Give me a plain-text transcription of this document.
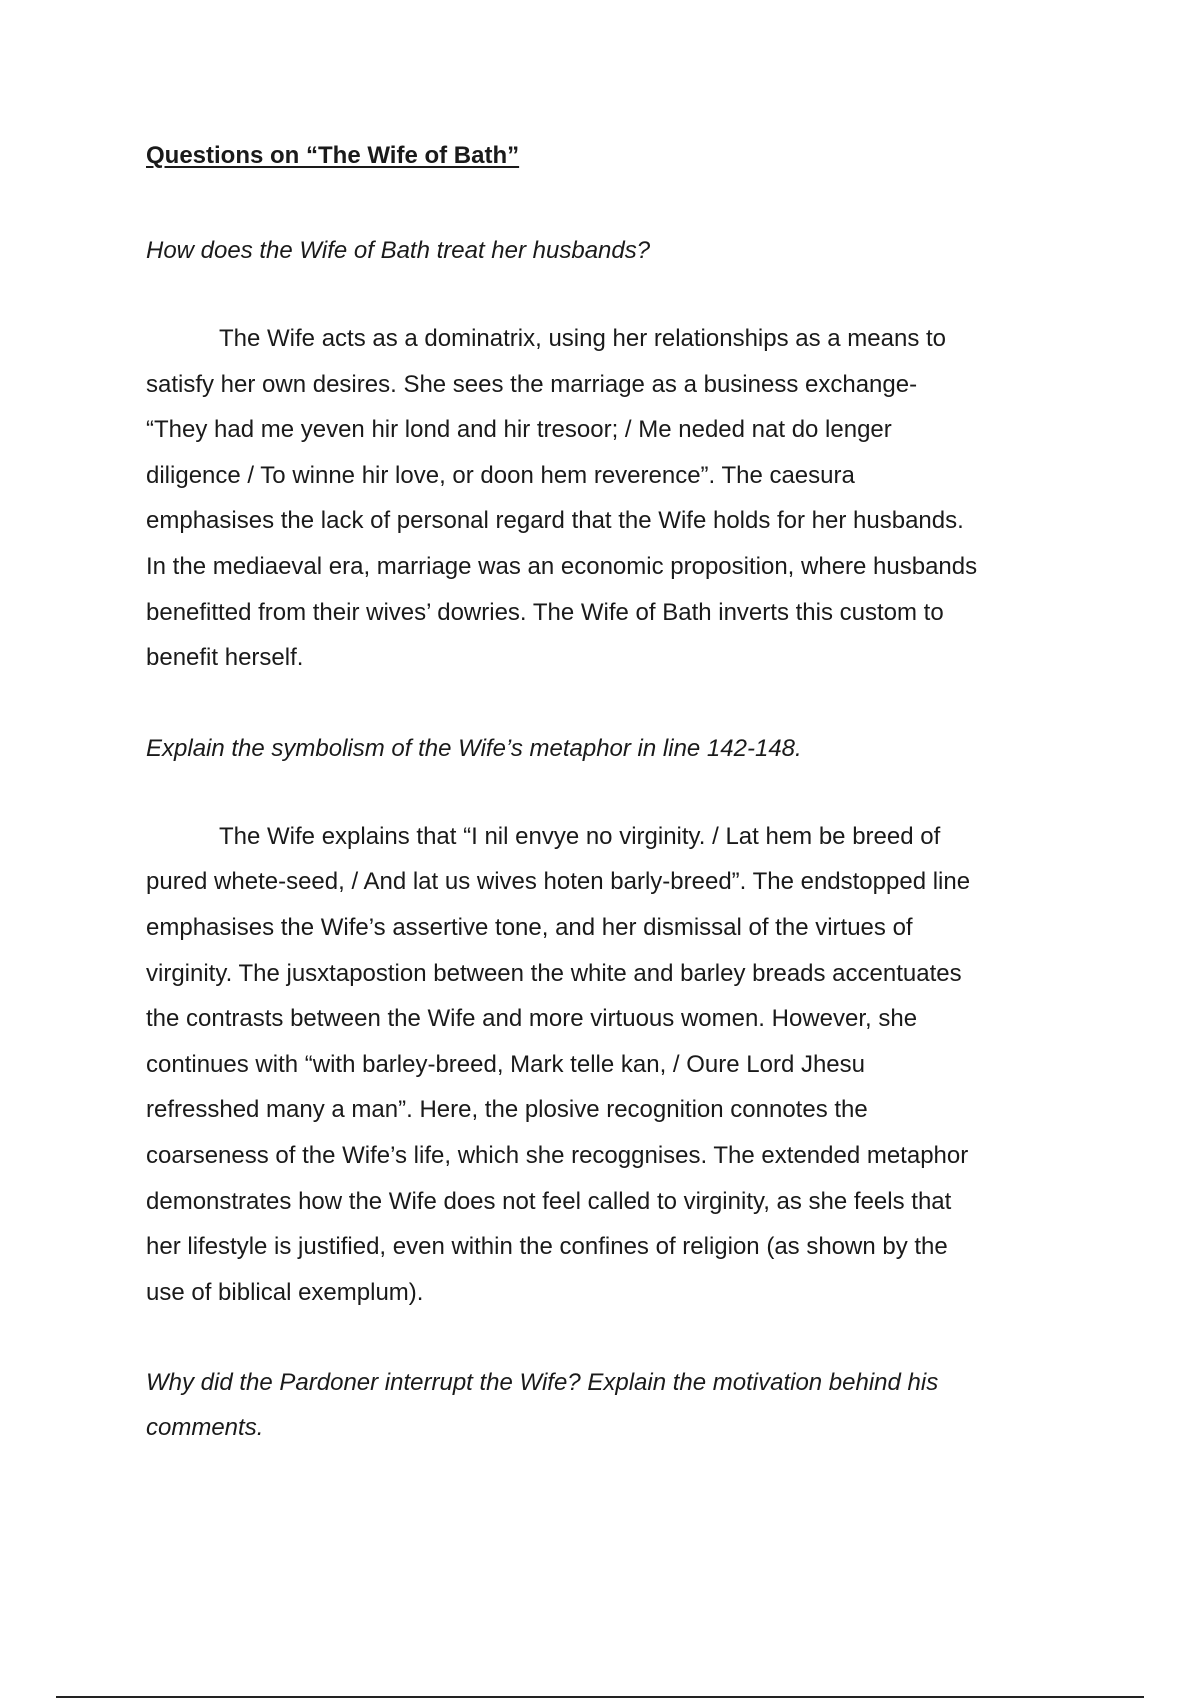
Questions on “The Wife of Bath”

How does the Wife of Bath treat her husbands?

The Wife acts as a dominatrix, using her relationships as a means to
satisfy her own desires. She sees the marriage as a business exchange-
“They had me yeven hir lond and hir tresoor; / Me neded nat do lenger
diligence / To winne hir love, or doon hem reverence”. The caesura
emphasises the lack of personal regard that the Wife holds for her husbands.
In the mediaeval era, marriage was an economic proposition, where husbands
benefitted from their wives’ dowries. The Wife of Bath inverts this custom to
benefit herself.

Explain the symbolism of the Wife’s metaphor in line 142-148.

The Wife explains that “I nil envye no virginity. / Lat hem be breed of
pured whete-seed, / And lat us wives hoten barly-breed”. The endstopped line
emphasises the Wife’s assertive tone, and her dismissal of the virtues of
virginity. The jusxtapostion between the white and barley breads accentuates
the contrasts between the Wife and more virtuous women. However, she
continues with “with barley-breed, Mark telle kan, / Oure Lord Jhesu
refresshed many a man”. Here, the plosive recognition connotes the
coarseness of the Wife’s life, which she recoggnises. The extended metaphor
demonstrates how the Wife does not feel called to virginity, as she feels that
her lifestyle is justified, even within the confines of religion (as shown by the
use of biblical exemplum).

Why did the Pardoner interrupt the Wife? Explain the motivation behind his
comments.
